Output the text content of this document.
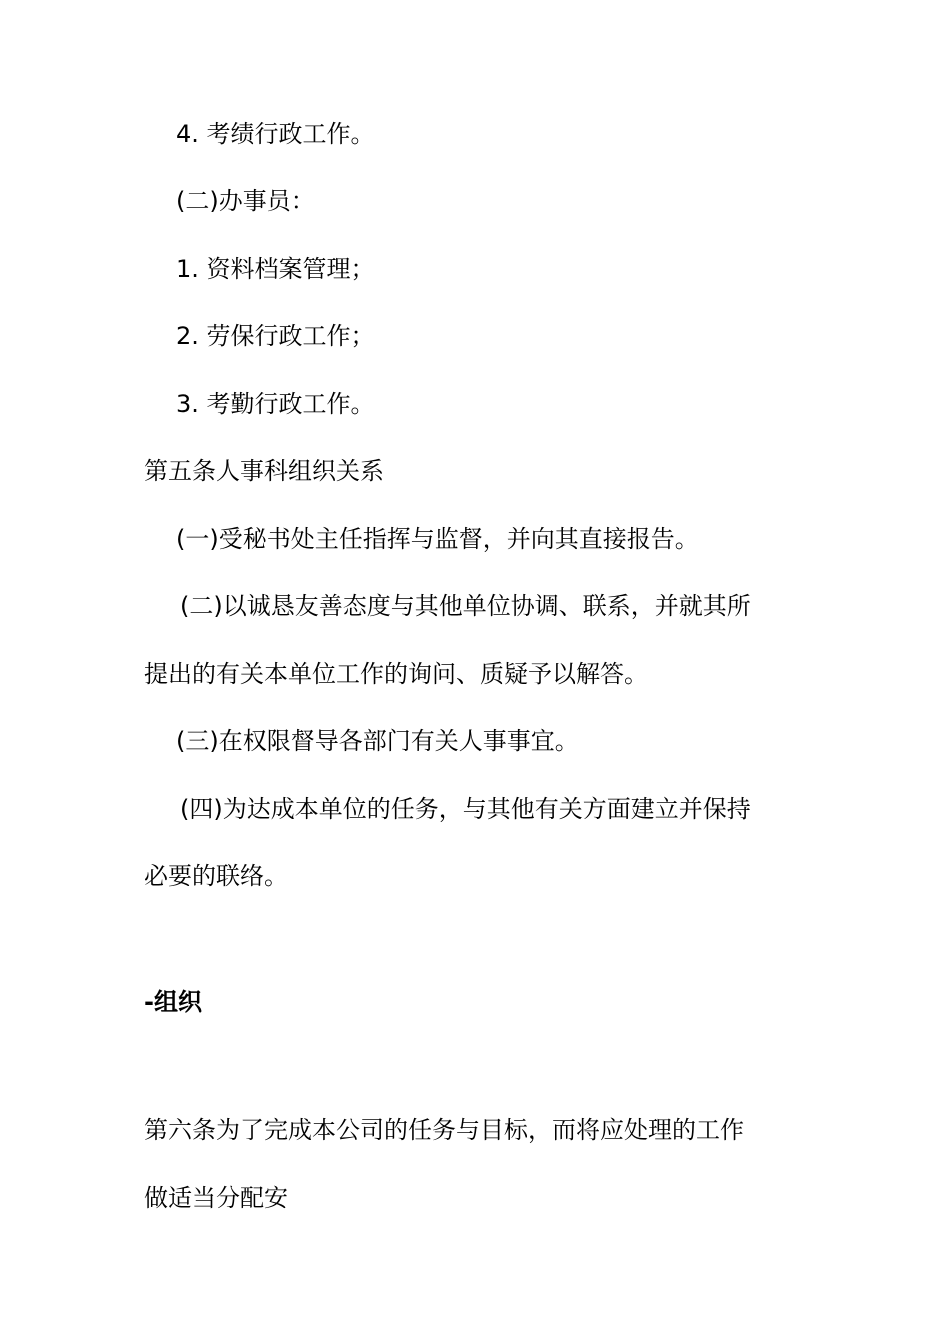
4. 考绩行政工作。
(二)办事员：
1. 资料档案管理；
2. 劳保行政工作；
3. 考勤行政工作。
第五条人事科组织关系
(一)受秘书处主任指挥与监督，并向其直接报告。
(二)以诚恳友善态度与其他单位协调、联系，并就其所
提出的有关本单位工作的询问、质疑予以解答。
(三)在权限督导各部门有关人事事宜。
(四)为达成本单位的任务，与其他有关方面建立并保持
必要的联络。
-组织
第六条为了完成本公司的任务与目标，而将应处理的工作
做适当分配安
